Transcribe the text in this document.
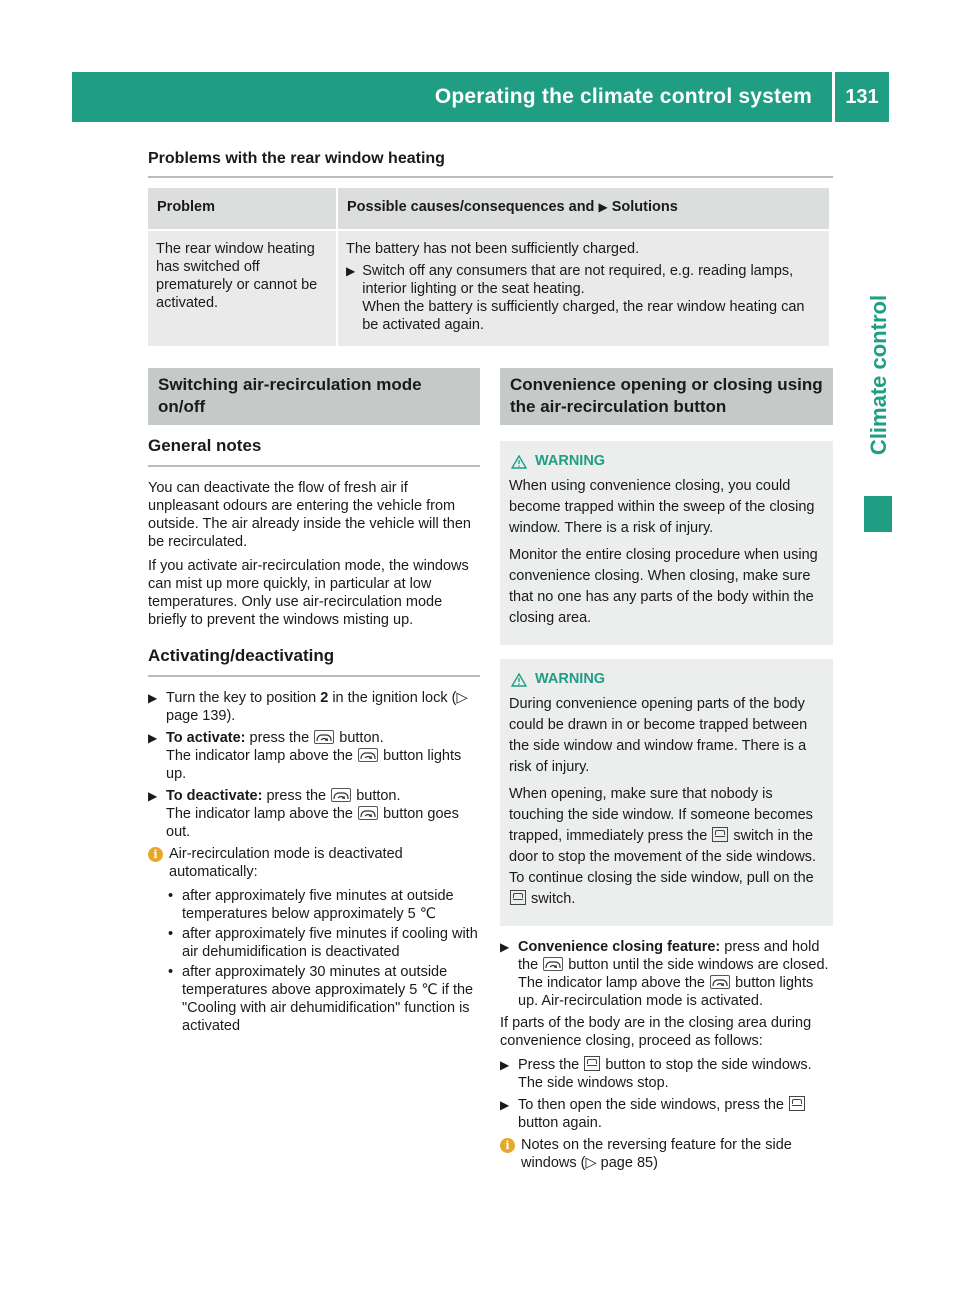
Operating the climate control system	131
Climate control
Problems with the rear window heating
Problem	Possible causes/consequences and ▶ Solutions
The rear window heating has switched off prematurely or cannot be activated.	The battery has not been sufficiently charged.
▶ Switch off any consumers that are not required, e.g. reading lamps, interior lighting or the seat heating.
When the battery is sufficiently charged, the rear window heating can be activated again.
Switching air-recirculation mode on/off
General notes

You can deactivate the flow of fresh air if unpleasant odours are entering the vehicle from outside. The air already inside the vehicle will then be recirculated.

If you activate air-recirculation mode, the windows can mist up more quickly, in particular at low temperatures. Only use air-recirculation mode briefly to prevent the windows misting up.

Activating/deactivating
▶ Turn the key to position 2 in the ignition lock (▷ page 139).
▶ To activate: press the button.
The indicator lamp above the button lights up.
▶ To deactivate: press the button.
The indicator lamp above the button goes out.
i Air-recirculation mode is deactivated automatically:
• after approximately five minutes at outside temperatures below approximately 5 ℃
• after approximately five minutes if cooling with air dehumidification is deactivated
• after approximately 30 minutes at outside temperatures above approximately 5 ℃ if the "Cooling with air dehumidification" function is activated
Convenience opening or closing using the air-recirculation button
WARNING

When using convenience closing, you could become trapped within the sweep of the closing window. There is a risk of injury.

Monitor the entire closing procedure when using convenience closing. When closing, make sure that no one has any parts of the body within the closing area.

WARNING

During convenience opening parts of the body could be drawn in or become trapped between the side window and window frame. There is a risk of injury.

When opening, make sure that nobody is touching the side window. If someone becomes trapped, immediately press the switch in the door to stop the movement of the side windows. To continue closing the side window, pull on the  switch.

▶ Convenience closing feature: press and hold the button until the side windows are closed.
The indicator lamp above the button lights up. Air-recirculation mode is activated.

If parts of the body are in the closing area during convenience closing, proceed as follows:

▶ Press the button to stop the side windows.
The side windows stop.
▶ To then open the side windows, press the  button again.
i Notes on the reversing feature for the side windows (▷ page 85)
